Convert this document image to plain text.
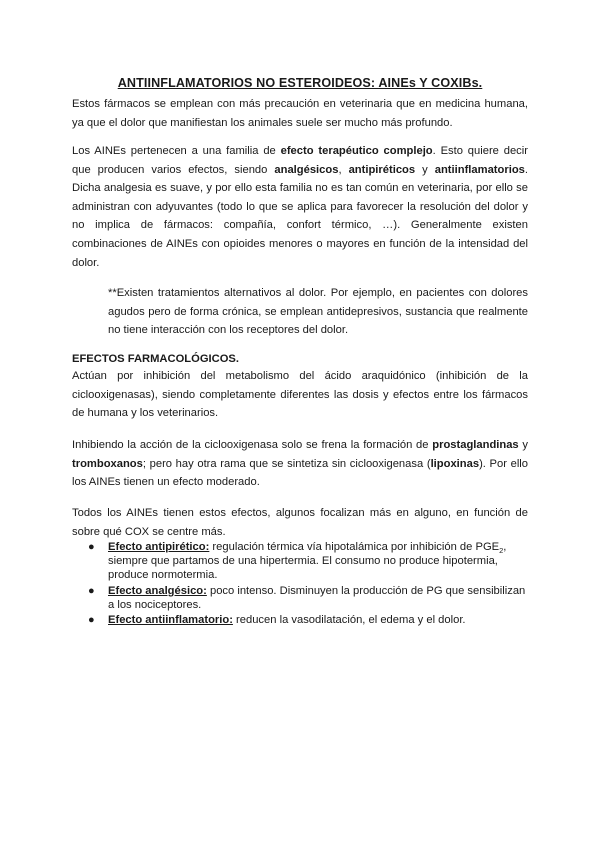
ANTIINFLAMATORIOS NO ESTEROIDEOS: AINEs Y COXIBs.
Estos fármacos se emplean con más precaución en veterinaria que en medicina humana, ya que el dolor que manifiestan los animales suele ser mucho más profundo.
Los AINEs pertenecen a una familia de efecto terapéutico complejo. Esto quiere decir que producen varios efectos, siendo analgésicos, antipiréticos y antiinflamatorios. Dicha analgesia es suave, y por ello esta familia no es tan común en veterinaria, por ello se administran con adyuvantes (todo lo que se aplica para favorecer la resolución del dolor y no implica de fármacos: compañía, confort térmico, …). Generalmente existen combinaciones de AINEs con opioides menores o mayores en función de la intensidad del dolor.
**Existen tratamientos alternativos al dolor. Por ejemplo, en pacientes con dolores agudos pero de forma crónica, se emplean antidepresivos, sustancia que realmente no tiene interacción con los receptores del dolor.
EFECTOS FARMACOLÓGICOS.
Actúan por inhibición del metabolismo del ácido araquidónico (inhibición de la ciclooxigenasas), siendo completamente diferentes las dosis y efectos entre los fármacos de humana y los veterinarios.
Inhibiendo la acción de la ciclooxigenasa solo se frena la formación de prostaglandinas y tromboxanos; pero hay otra rama que se sintetiza sin ciclooxigenasa (lipoxinas). Por ello los AINEs tienen un efecto moderado.
Todos los AINEs tienen estos efectos, algunos focalizan más en alguno, en función de sobre qué COX se centre más.
● Efecto antipirético: regulación térmica vía hipotalámica por inhibición de $PGE_2$, siempre que partamos de una hipertermia. El consumo no produce hipotermia, produce normotermia.
● Efecto analgésico: poco intenso. Disminuyen la producción de PG que sensibilizan a los nociceptores.
● Efecto antiinflamatorio: reducen la vasodilatación, el edema y el dolor.
